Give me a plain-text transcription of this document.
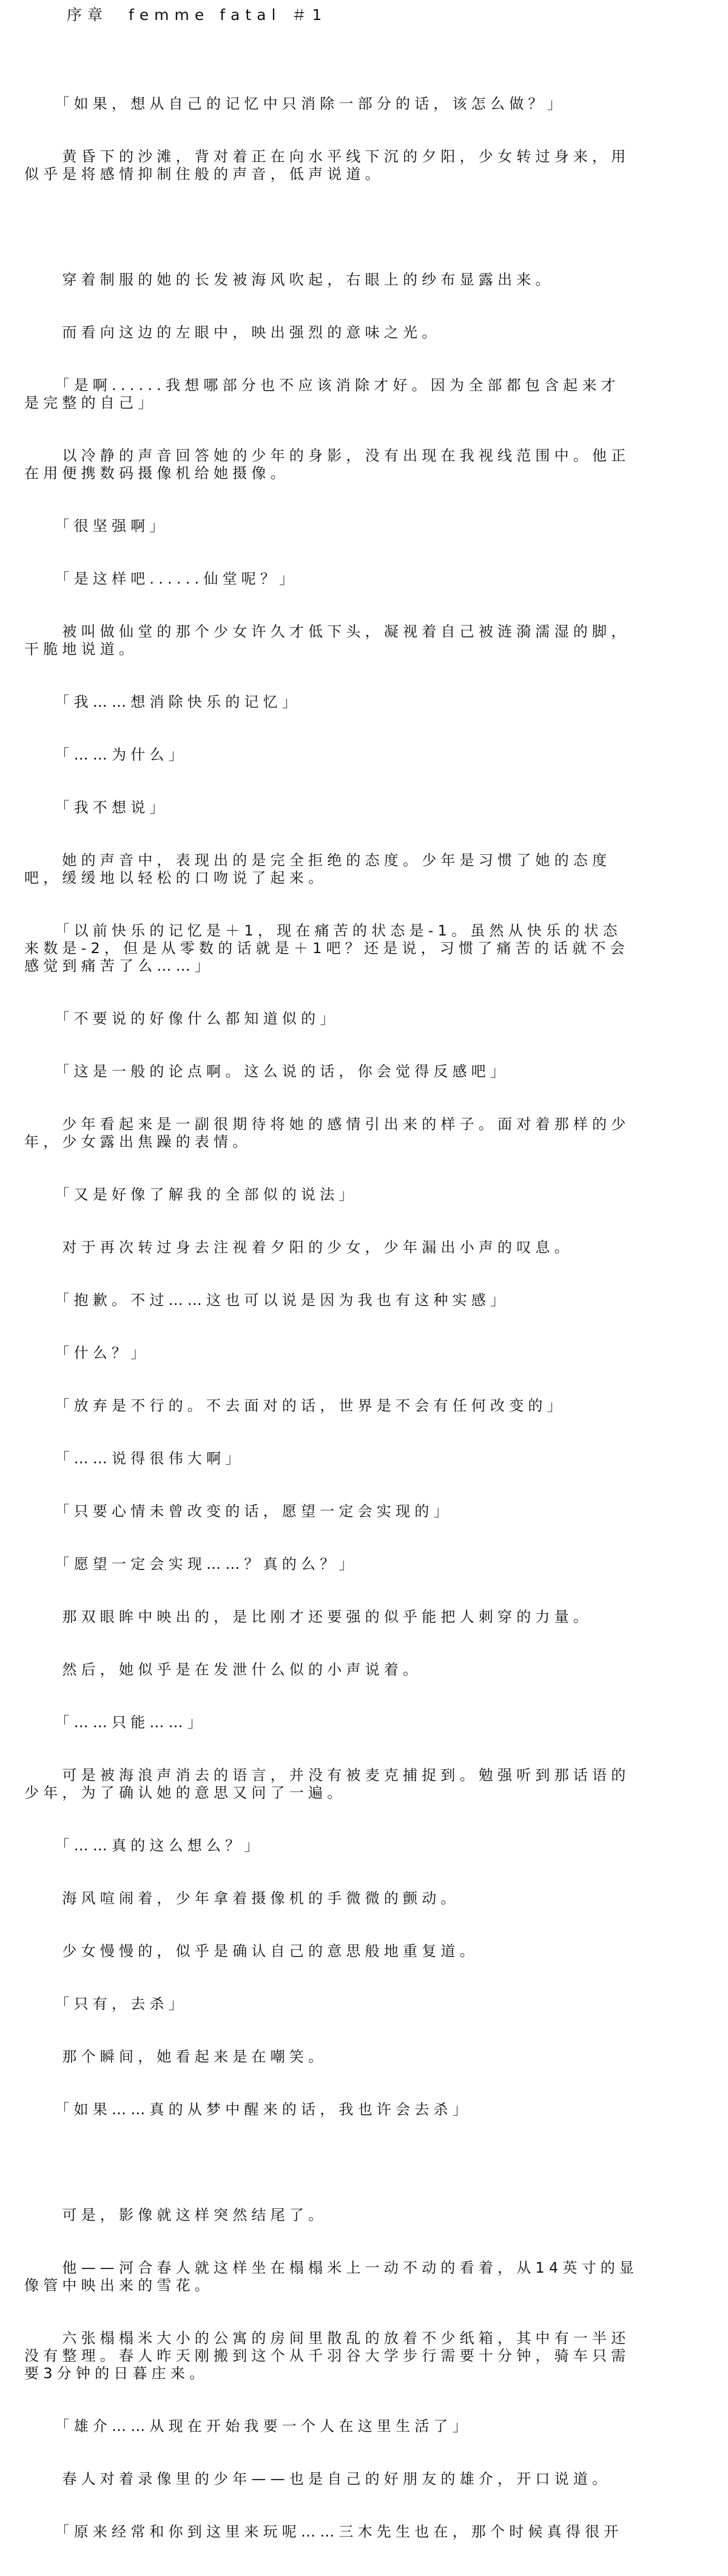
序章　femme fatal ＃1

　　「如果，想从自己的记忆中只消除一部分的话，该怎么做？」

　　黄昏下的沙滩，背对着正在向水平线下沉的夕阳，少女转过身来，用
似乎是将感情抑制住般的声音，低声说道。

　　穿着制服的她的长发被海风吹起，右眼上的纱布显露出来。

　　而看向这边的左眼中，映出强烈的意味之光。

　　「是啊......我想哪部分也不应该消除才好。因为全部都包含起来才
是完整的自己」

　　以冷静的声音回答她的少年的身影，没有出现在我视线范围中。他正
在用便携数码摄像机给她摄像。

　　「很坚强啊」

　　「是这样吧......仙堂呢？」

　　被叫做仙堂的那个少女许久才低下头，凝视着自己被涟漪濡湿的脚，
干脆地说道。

　　「我……想消除快乐的记忆」

　　「……为什么」

　　「我不想说」

　　她的声音中，表现出的是完全拒绝的态度。少年是习惯了她的态度
吧，缓缓地以轻松的口吻说了起来。

　　「以前快乐的记忆是＋1，现在痛苦的状态是-1。虽然从快乐的状态
来数是-2，但是从零数的话就是＋1吧？还是说，习惯了痛苦的话就不会
感觉到痛苦了么……」

　　「不要说的好像什么都知道似的」

　　「这是一般的论点啊。这么说的话，你会觉得反感吧」

　　少年看起来是一副很期待将她的感情引出来的样子。面对着那样的少
年，少女露出焦躁的表情。

　　「又是好像了解我的全部似的说法」

　　对于再次转过身去注视着夕阳的少女，少年漏出小声的叹息。

　　「抱歉。不过……这也可以说是因为我也有这种实感」

　　「什么？」

　　「放弃是不行的。不去面对的话，世界是不会有任何改变的」

　　「……说得很伟大啊」

　　「只要心情未曾改变的话，愿望一定会实现的」

　　「愿望一定会实现……？真的么？」

　　那双眼眸中映出的，是比刚才还要强的似乎能把人刺穿的力量。

　　然后，她似乎是在发泄什么似的小声说着。

　　「……只能……」

　　可是被海浪声消去的语言，并没有被麦克捕捉到。勉强听到那话语的
少年，为了确认她的意思又问了一遍。

　　「……真的这么想么？」

　　海风喧闹着，少年拿着摄像机的手微微的颤动。

　　少女慢慢的，似乎是确认自己的意思般地重复道。

　　「只有，去杀」

　　那个瞬间，她看起来是在嘲笑。

　　「如果……真的从梦中醒来的话，我也许会去杀」

　　可是，影像就这样突然结尾了。

　　他——河合春人就这样坐在榻榻米上一动不动的看着，从14英寸的显
像管中映出来的雪花。

　　六张榻榻米大小的公寓的房间里散乱的放着不少纸箱，其中有一半还
没有整理。春人昨天刚搬到这个从千羽谷大学步行需要十分钟，骑车只需
要3分钟的日暮庄来。

　　「雄介……从现在开始我要一个人在这里生活了」

　　春人对着录像里的少年——也是自己的好朋友的雄介，开口说道。

　　「原来经常和你到这里来玩呢……三木先生也在，那个时候真得很开
